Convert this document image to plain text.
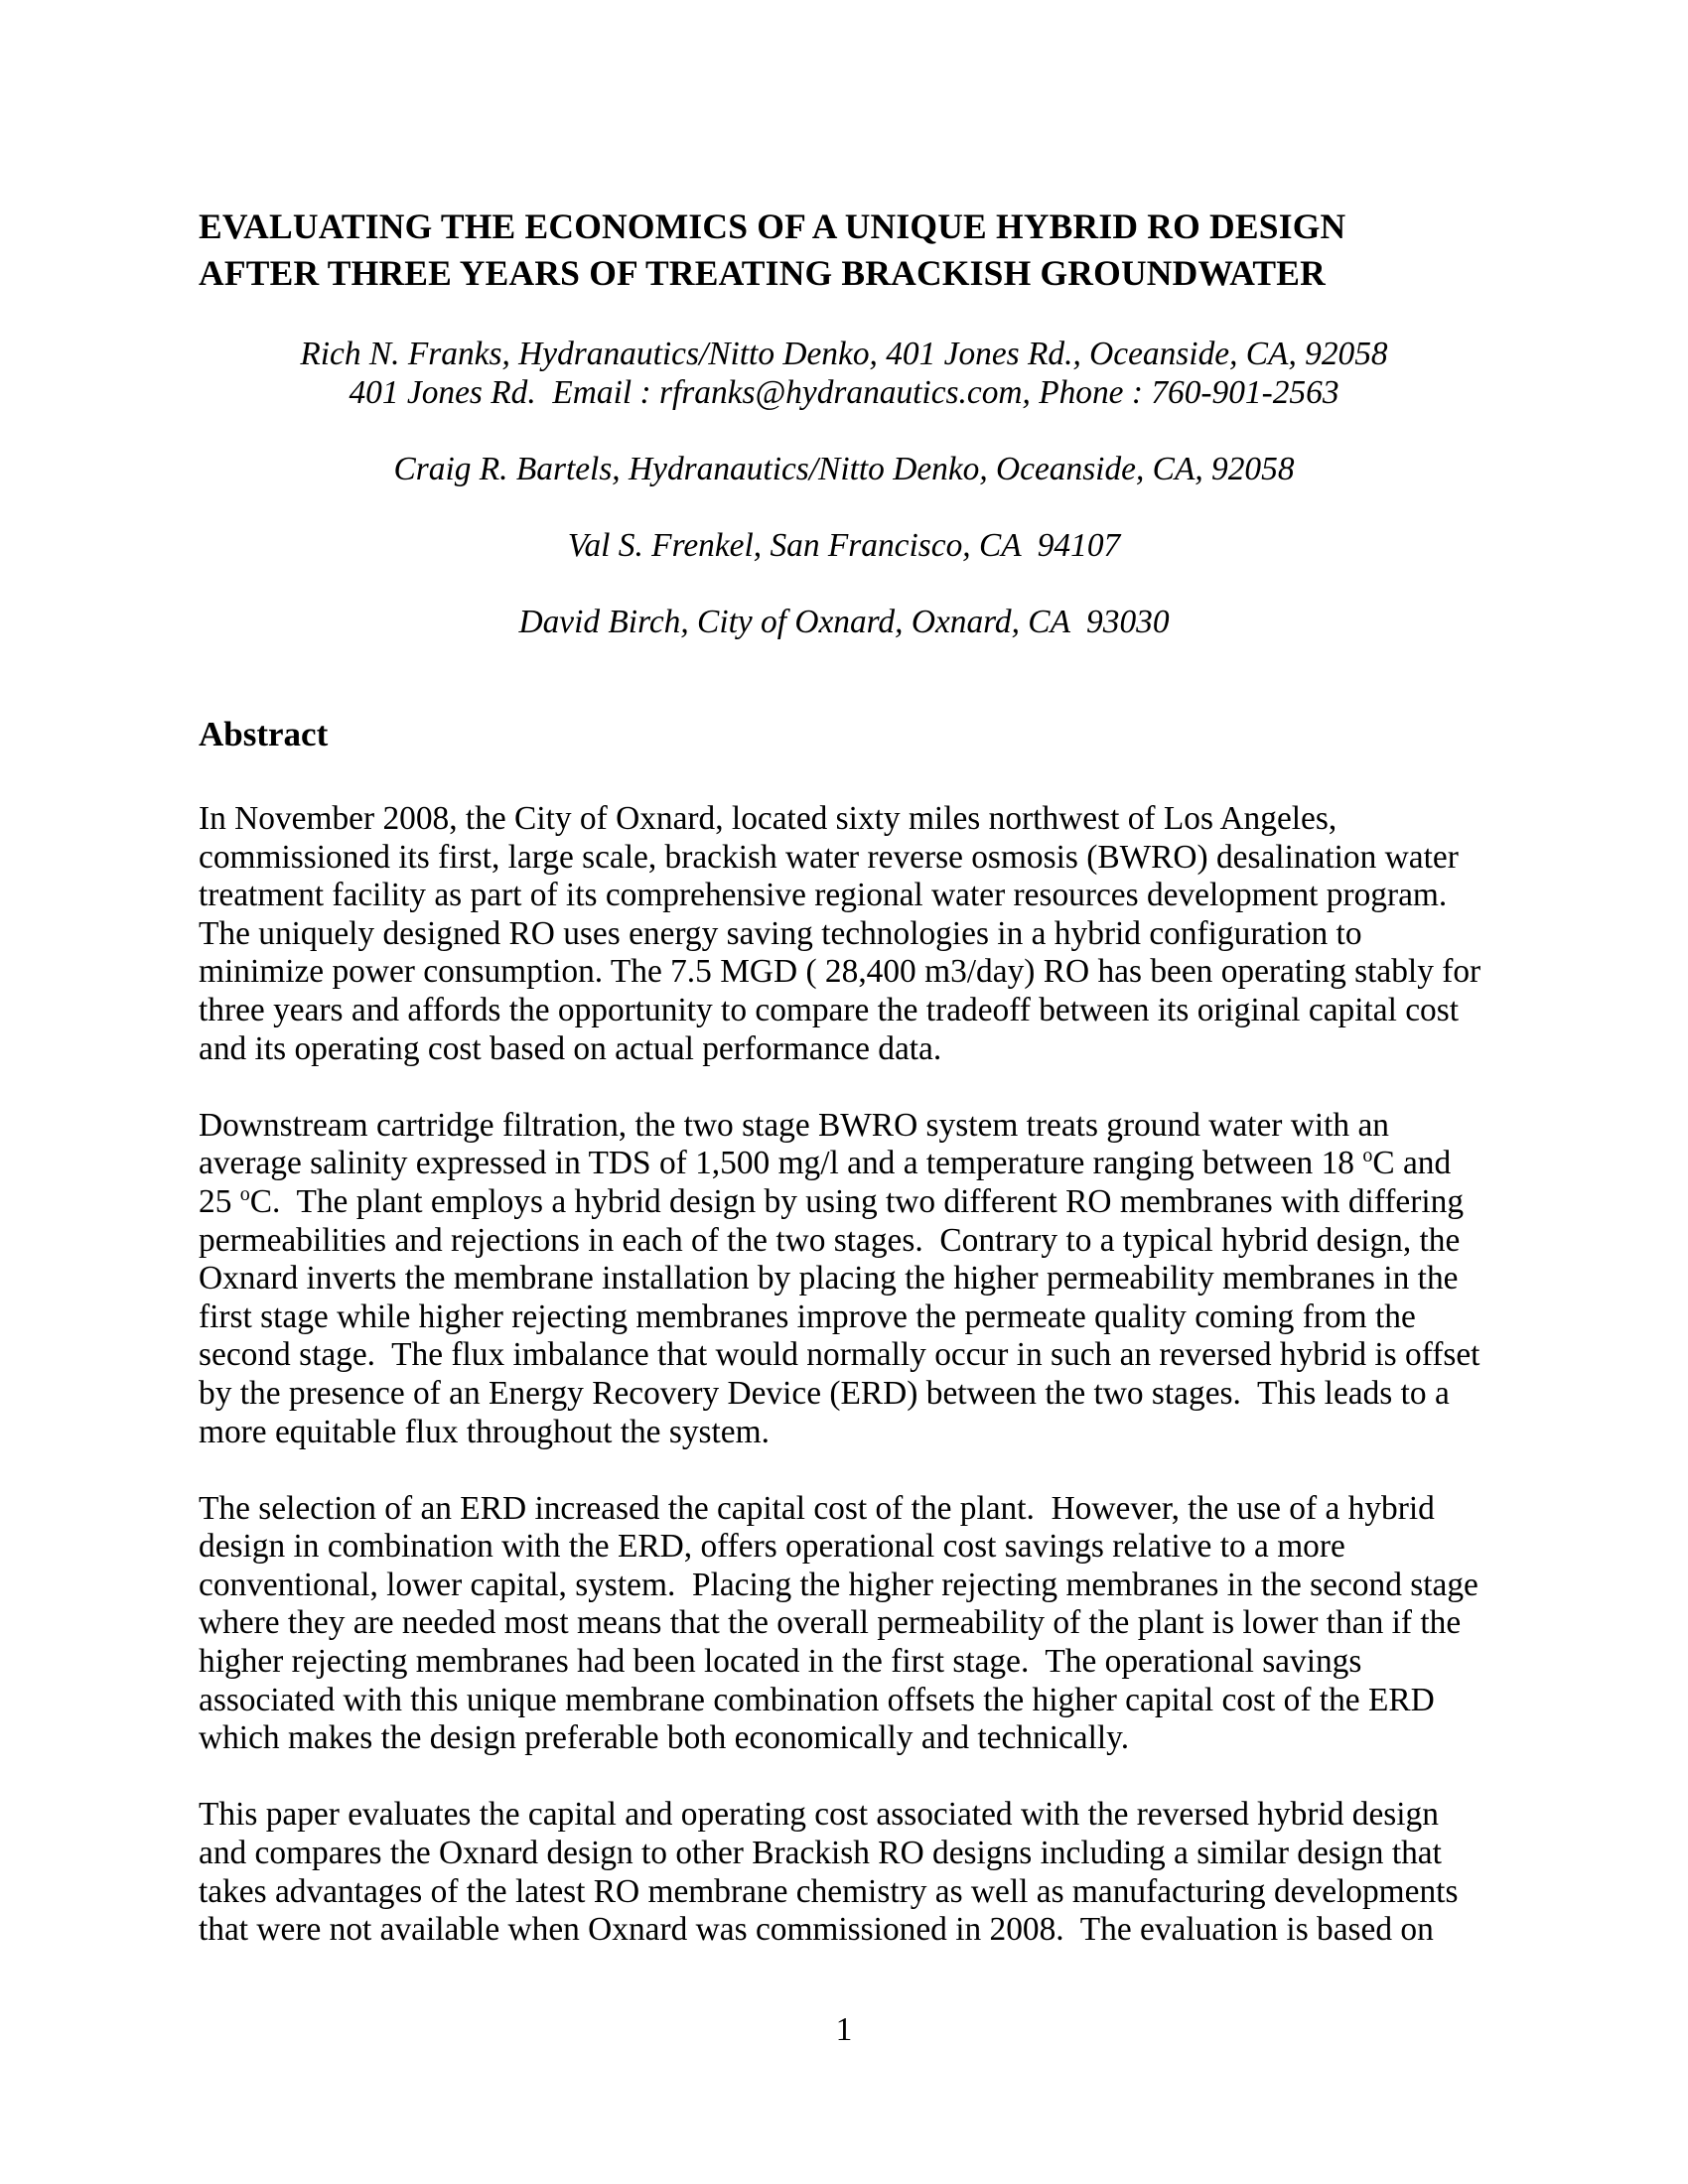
EVALUATING THE ECONOMICS OF A UNIQUE HYBRID RO DESIGN
AFTER THREE YEARS OF TREATING BRACKISH GROUNDWATER
Rich N. Franks, Hydranautics/Nitto Denko, 401 Jones Rd., Oceanside, CA, 92058
401 Jones Rd.  Email : rfranks@hydranautics.com, Phone : 760-901-2563
Craig R. Bartels, Hydranautics/Nitto Denko, Oceanside, CA, 92058
Val S. Frenkel, San Francisco, CA  94107
David Birch, City of Oxnard, Oxnard, CA  93030
Abstract

In November 2008, the City of Oxnard, located sixty miles northwest of Los Angeles, commissioned its first, large scale, brackish water reverse osmosis (BWRO) desalination water treatment facility as part of its comprehensive regional water resources development program. The uniquely designed RO uses energy saving technologies in a hybrid configuration to minimize power consumption. The 7.5 MGD ( 28,400 m3/day) RO has been operating stably for three years and affords the opportunity to compare the tradeoff between its original capital cost and its operating cost based on actual performance data.

Downstream cartridge filtration, the two stage BWRO system treats ground water with an average salinity expressed in TDS of 1,500 mg/l and a temperature ranging between 18 $^o$C and 25 $^o$C.  The plant employs a hybrid design by using two different RO membranes with differing permeabilities and rejections in each of the two stages.  Contrary to a typical hybrid design, the Oxnard inverts the membrane installation by placing the higher permeability membranes in the first stage while higher rejecting membranes improve the permeate quality coming from the second stage.  The flux imbalance that would normally occur in such an reversed hybrid is offset by the presence of an Energy Recovery Device (ERD) between the two stages.  This leads to a more equitable flux throughout the system.

The selection of an ERD increased the capital cost of the plant.  However, the use of a hybrid design in combination with the ERD, offers operational cost savings relative to a more conventional, lower capital, system.  Placing the higher rejecting membranes in the second stage where they are needed most means that the overall permeability of the plant is lower than if the higher rejecting membranes had been located in the first stage.  The operational savings associated with this unique membrane combination offsets the higher capital cost of the ERD which makes the design preferable both economically and technically.

This paper evaluates the capital and operating cost associated with the reversed hybrid design and compares the Oxnard design to other Brackish RO designs including a similar design that takes advantages of the latest RO membrane chemistry as well as manufacturing developments that were not available when Oxnard was commissioned in 2008.  The evaluation is based on

1
